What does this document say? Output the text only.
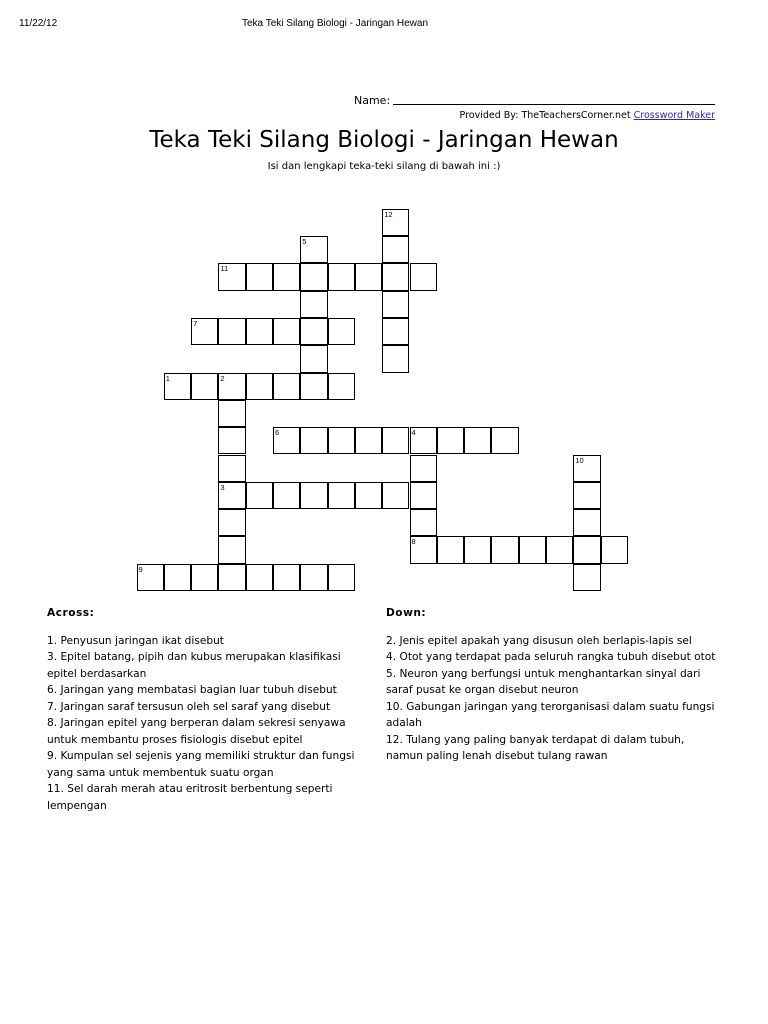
11/22/12	Teka Teki Silang Biologi - Jaringan Hewan
Name:
Provided By: TheTeachersCorner.net Crossword Maker
Teka Teki Silang Biologi - Jaringan Hewan
Isi dan lengkapi teka-teki silang di bawah ini :)
1	2
3
4
8
5
6
7
9
10
11
12
Across:
1. Penyusun jaringan ikat disebut
3. Epitel batang, pipih dan kubus merupakan klasifikasi epitel berdasarkan
6. Jaringan yang membatasi bagian luar tubuh disebut
7. Jaringan saraf tersusun oleh sel saraf yang disebut
8. Jaringan epitel yang berperan dalam sekresi senyawa untuk membantu proses fisiologis disebut epitel
9. Kumpulan sel sejenis yang memiliki struktur dan fungsi yang sama untuk membentuk suatu organ
11. Sel darah merah atau eritrosit berbentung seperti lempengan
Down:
2. Jenis epitel apakah yang disusun oleh berlapis-lapis sel
4. Otot yang terdapat pada seluruh rangka tubuh disebut otot
5. Neuron yang berfungsi untuk menghantarkan sinyal dari saraf pusat ke organ disebut neuron
10. Gabungan jaringan yang terorganisasi dalam suatu fungsi adalah
12. Tulang yang paling banyak terdapat di dalam tubuh, namun paling lenah disebut tulang rawan
